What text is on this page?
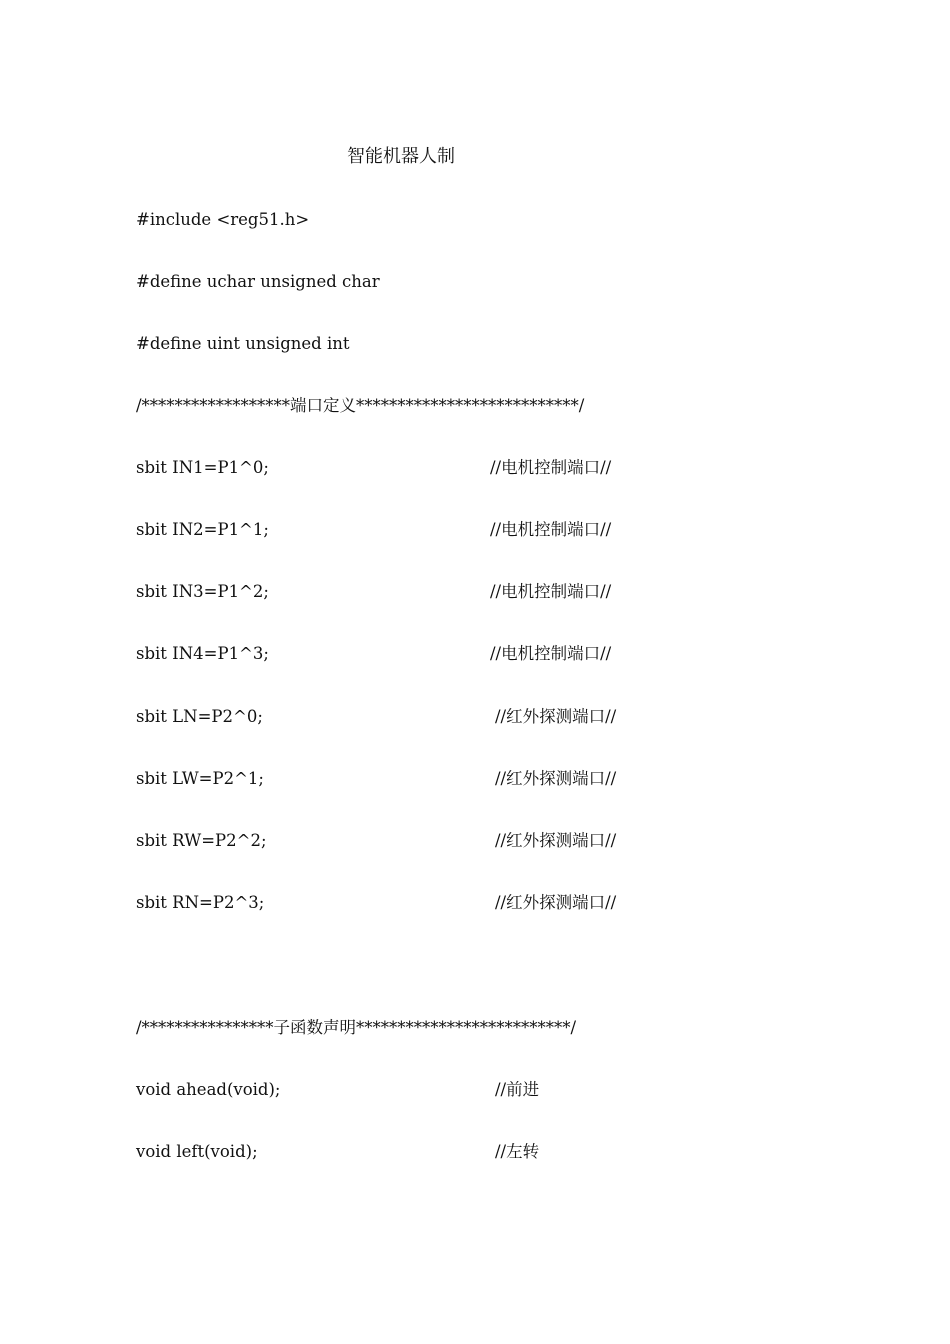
智能机器人制

#include <reg51.h>

#define uchar unsigned char

#define uint unsigned int

/******************端口定义***************************/

sbit IN1=P1^0;

	//电机控制端口//

sbit IN2=P1^1;

	//电机控制端口//

sbit IN3=P1^2;

	//电机控制端口//

sbit IN4=P1^3;

	//电机控制端口//

sbit LN=P2^0;

	//红外探测端口//

sbit LW=P2^1;

	//红外探测端口//

sbit RW=P2^2;

	//红外探测端口//

sbit RN=P2^3;

	//红外探测端口//

/****************子函数声明**************************/

void ahead(void);

	//前进

void left(void);

	//左转
